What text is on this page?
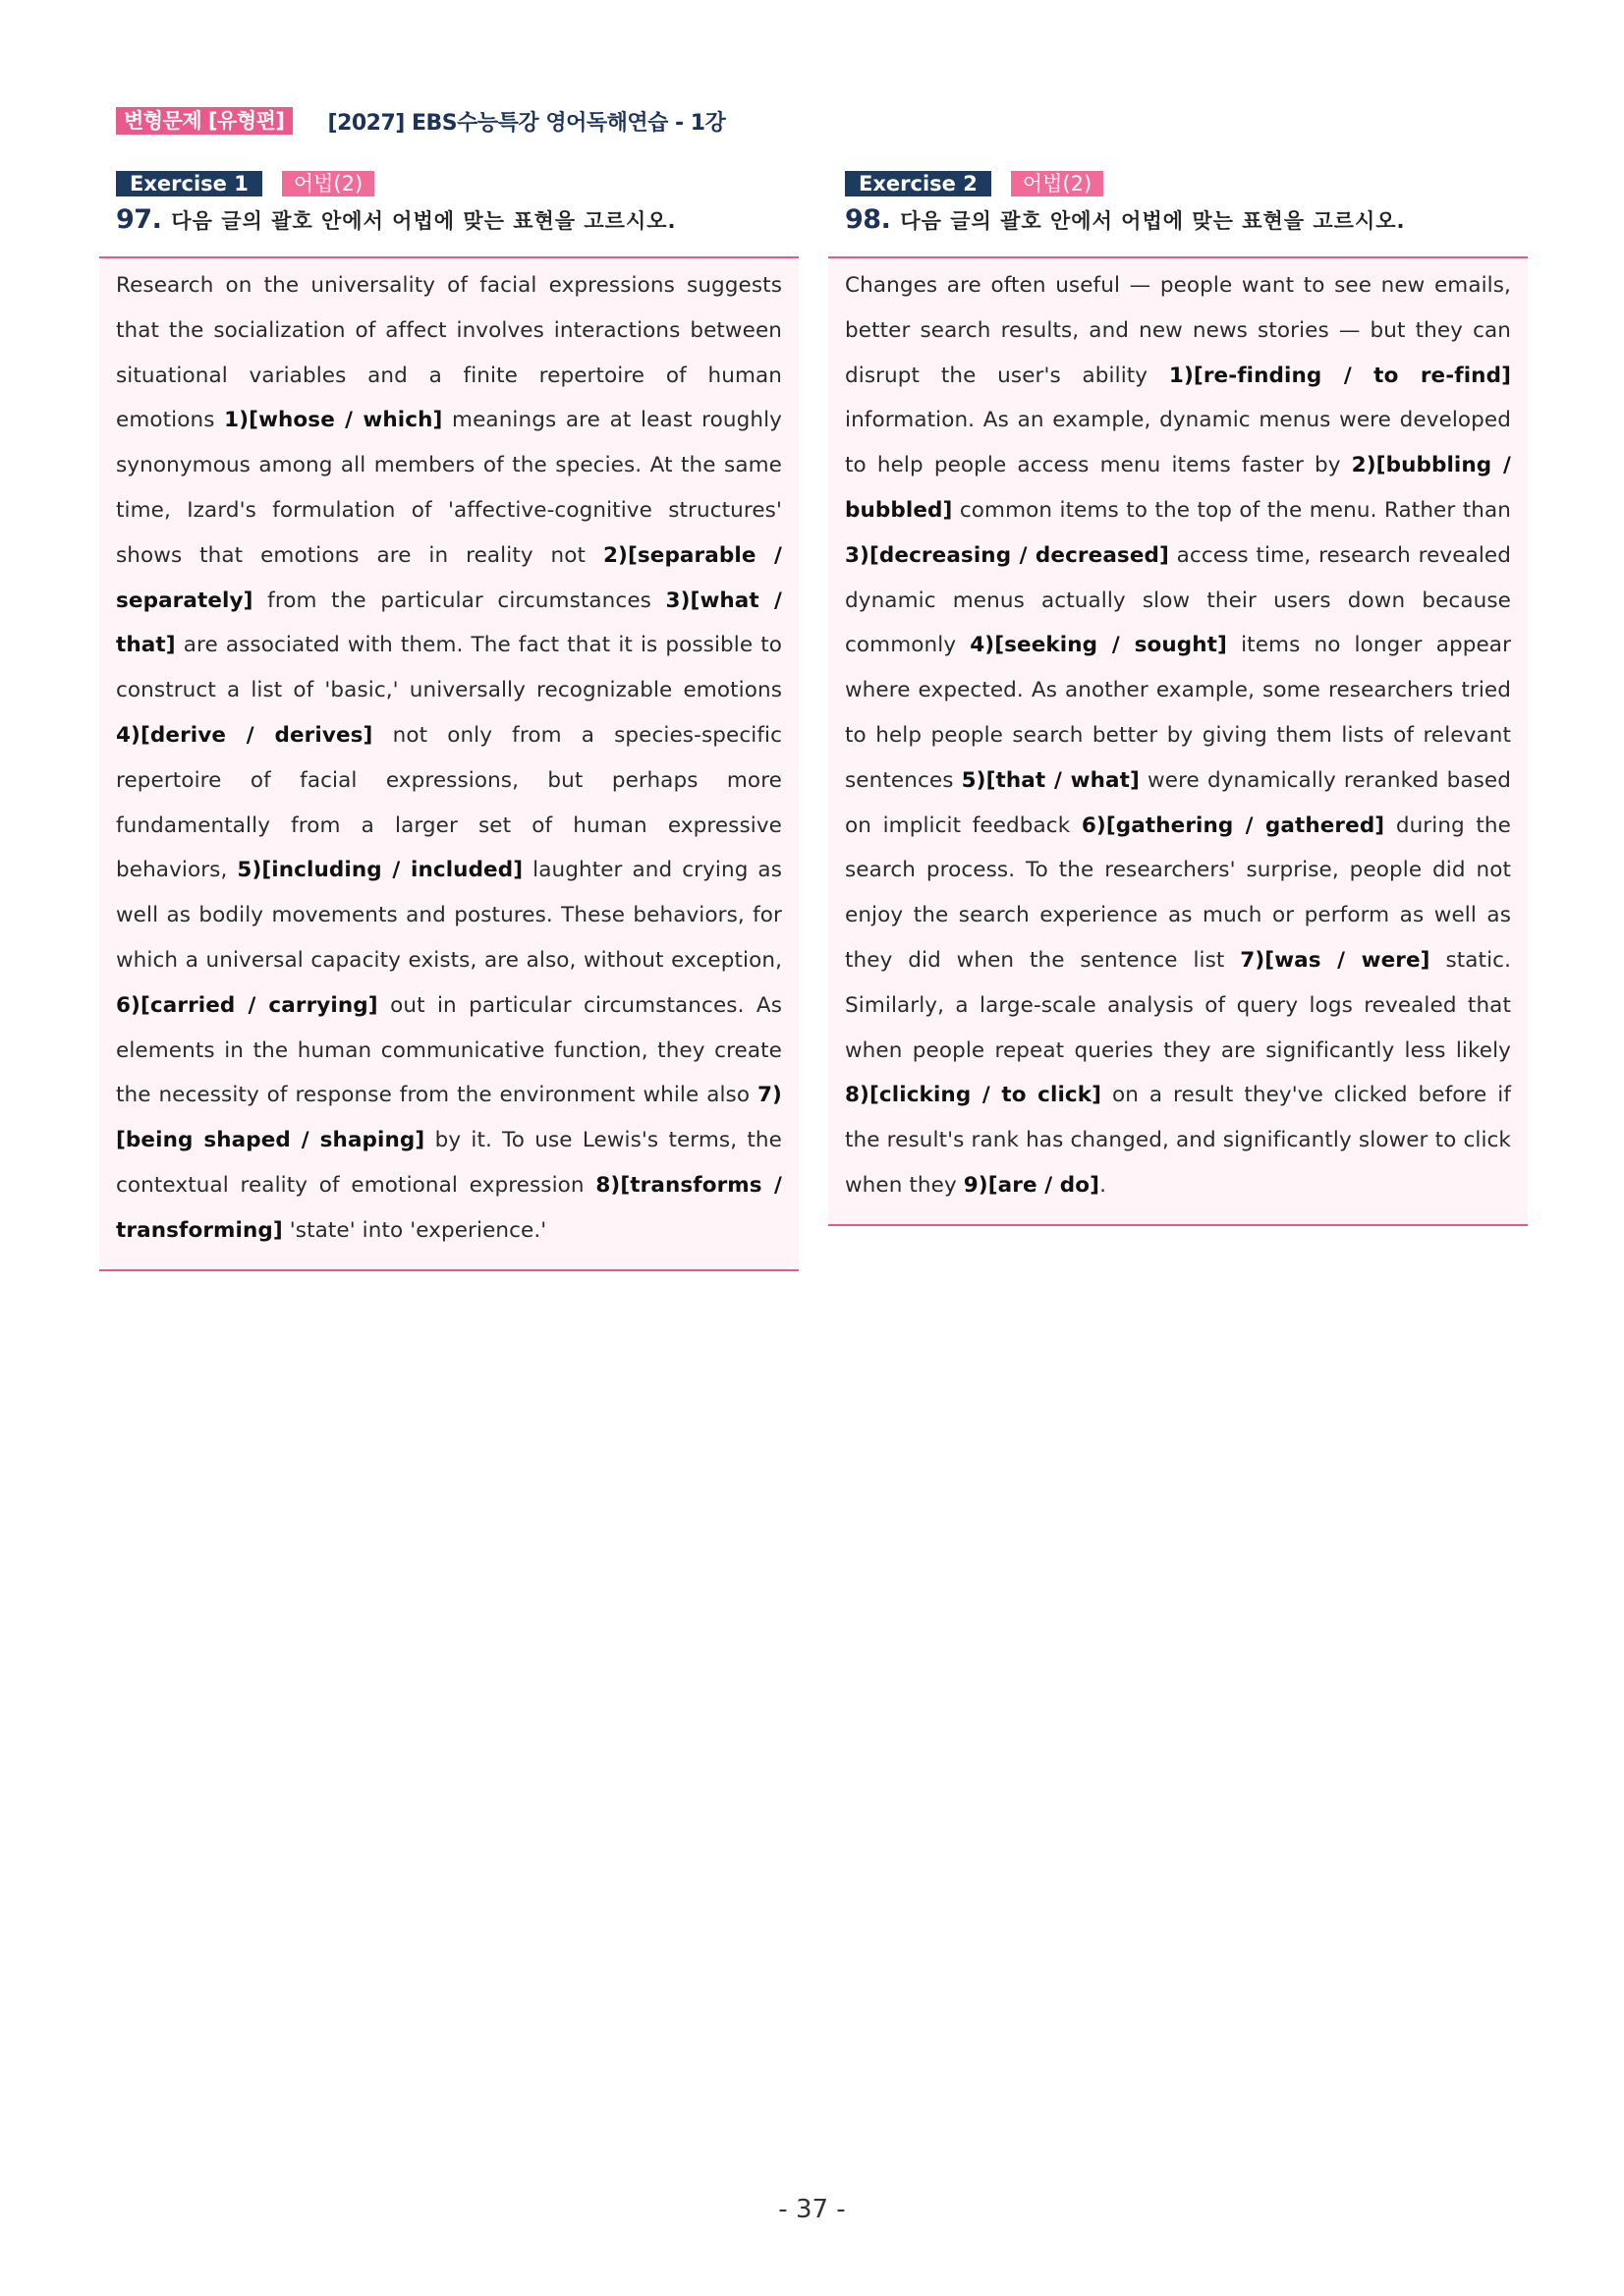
변형문제 [유형편]	[2027] EBS수능특강 영어독해연습 - 1강
Exercise 1	어법(2)
97. 다음 글의 괄호 안에서 어법에 맞는 표현을 고르시오.

Research on the universality of facial expressions suggests that the socialization of affect involves interactions between situational variables and a finite repertoire of human emotions 1)[whose / which] meanings are at least roughly synonymous among all members of the species. At the same time, Izard's formulation of 'affective-cognitive structures' shows that emotions are in reality not 2)[separable / separately] from the particular circumstances 3)[what / that] are associated with them. The fact that it is possible to construct a list of 'basic,' universally recognizable emotions 4)[derive / derives] not only from a species-specific repertoire of facial expressions, but perhaps more fundamentally from a larger set of human expressive behaviors, 5)[including / included] laughter and crying as well as bodily movements and postures. These behaviors, for which a universal capacity exists, are also, without exception, 6)[carried / carrying] out in particular circumstances. As elements in the human communicative function, they create the necessity of response from the environment while also 7)[being shaped / shaping] by it. To use Lewis's terms, the contextual reality of emotional expression 8)[transforms / transforming] 'state' into 'experience.'

Exercise 2	어법(2)
98. 다음 글의 괄호 안에서 어법에 맞는 표현을 고르시오.

Changes are often useful — people want to see new emails, better search results, and new news stories — but they can disrupt the user's ability 1)[re-finding / to re-find] information. As an example, dynamic menus were developed to help people access menu items faster by 2)[bubbling / bubbled] common items to the top of the menu. Rather than 3)[decreasing / decreased] access time, research revealed dynamic menus actually slow their users down because commonly 4)[seeking / sought] items no longer appear where expected. As another example, some researchers tried to help people search better by giving them lists of relevant sentences 5)[that / what] were dynamically reranked based on implicit feedback 6)[gathering / gathered] during the search process. To the researchers' surprise, people did not enjoy the search experience as much or perform as well as they did when the sentence list 7)[was / were] static. Similarly, a large-scale analysis of query logs revealed that when people repeat queries they are significantly less likely 8)[clicking / to click] on a result they've clicked before if the result's rank has changed, and significantly slower to click when they 9)[are / do].

- 37 -
